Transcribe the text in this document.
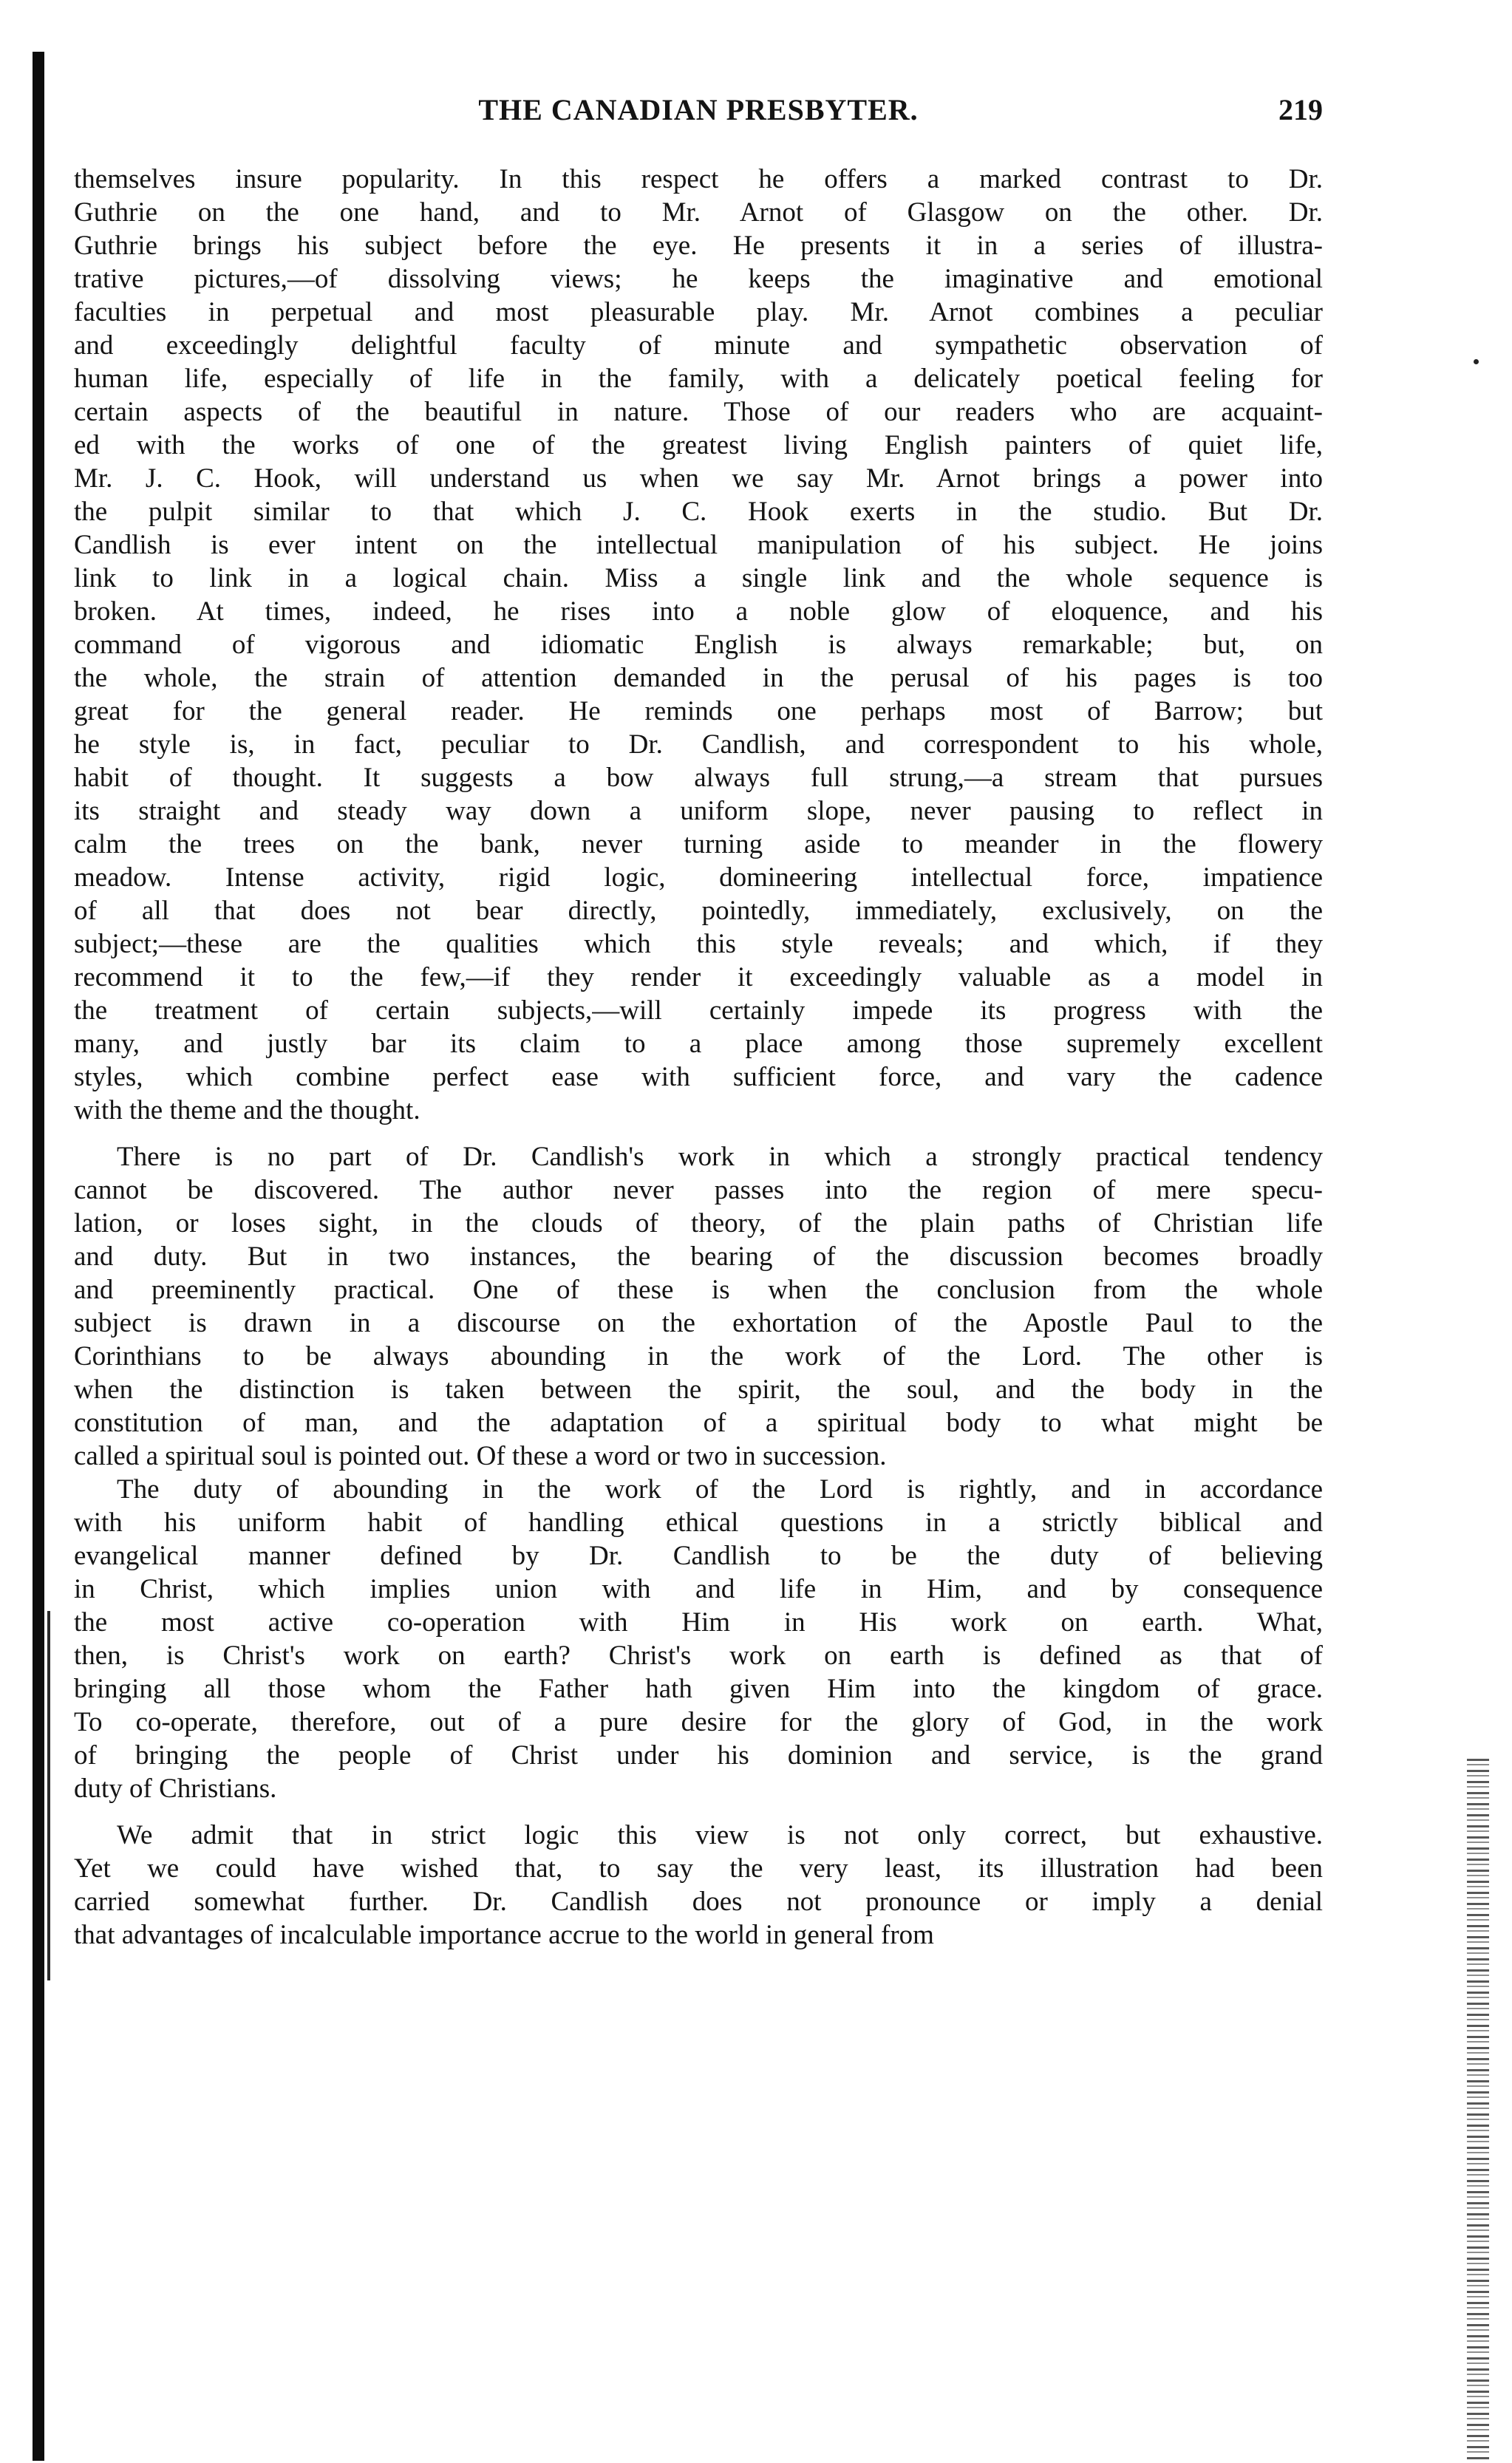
THE CANADIAN PRESBYTER.	219
themselves insure popularity. In this respect he offers a marked contrast to Dr.
Guthrie on the one hand, and to Mr. Arnot of Glasgow on the other. Dr.
Guthrie brings his subject before the eye. He presents it in a series of illustra-
trative pictures,—of dissolving views; he keeps the imaginative and emotional
faculties in perpetual and most pleasurable play. Mr. Arnot combines a peculiar
and exceedingly delightful faculty of minute and sympathetic observation of
human life, especially of life in the family, with a delicately poetical feeling for
certain aspects of the beautiful in nature. Those of our readers who are acquaint-
ed with the works of one of the greatest living English painters of quiet life,
Mr. J. C. Hook, will understand us when we say Mr. Arnot brings a power into
the pulpit similar to that which J. C. Hook exerts in the studio. But Dr.
Candlish is ever intent on the intellectual manipulation of his subject. He joins
link to link in a logical chain. Miss a single link and the whole sequence is
broken. At times, indeed, he rises into a noble glow of eloquence, and his
command of vigorous and idiomatic English is always remarkable; but, on
the whole, the strain of attention demanded in the perusal of his pages is too
great for the general reader. He reminds one perhaps most of Barrow; but
he style is, in fact, peculiar to Dr. Candlish, and correspondent to his whole,
habit of thought. It suggests a bow always full strung,—a stream that pursues
its straight and steady way down a uniform slope, never pausing to reflect in
calm the trees on the bank, never turning aside to meander in the flowery
meadow. Intense activity, rigid logic, domineering intellectual force, impatience
of all that does not bear directly, pointedly, immediately, exclusively, on the
subject;—these are the qualities which this style reveals; and which, if they
recommend it to the few,—if they render it exceedingly valuable as a model in
the treatment of certain subjects,—will certainly impede its progress with the
many, and justly bar its claim to a place among those supremely excellent
styles, which combine perfect ease with sufficient force, and vary the cadence
with the theme and the thought.
There is no part of Dr. Candlish's work in which a strongly practical tendency
cannot be discovered. The author never passes into the region of mere specu-
lation, or loses sight, in the clouds of theory, of the plain paths of Christian life
and duty. But in two instances, the bearing of the discussion becomes broadly
and preeminently practical. One of these is when the conclusion from the whole
subject is drawn in a discourse on the exhortation of the Apostle Paul to the
Corinthians to be always abounding in the work of the Lord. The other is
when the distinction is taken between the spirit, the soul, and the body in the
constitution of man, and the adaptation of a spiritual body to what might be
called a spiritual soul is pointed out. Of these a word or two in succession.
The duty of abounding in the work of the Lord is rightly, and in accordance
with his uniform habit of handling ethical questions in a strictly biblical and
evangelical manner defined by Dr. Candlish to be the duty of believing
in Christ, which implies union with and life in Him, and by consequence
the most active co-operation with Him in His work on earth. What,
then, is Christ's work on earth? Christ's work on earth is defined as that of
bringing all those whom the Father hath given Him into the kingdom of grace.
To co-operate, therefore, out of a pure desire for the glory of God, in the work
of bringing the people of Christ under his dominion and service, is the grand
duty of Christians.
We admit that in strict logic this view is not only correct, but exhaustive.
Yet we could have wished that, to say the very least, its illustration had been
carried somewhat further. Dr. Candlish does not pronounce or imply a denial
that advantages of incalculable importance accrue to the world in general from
